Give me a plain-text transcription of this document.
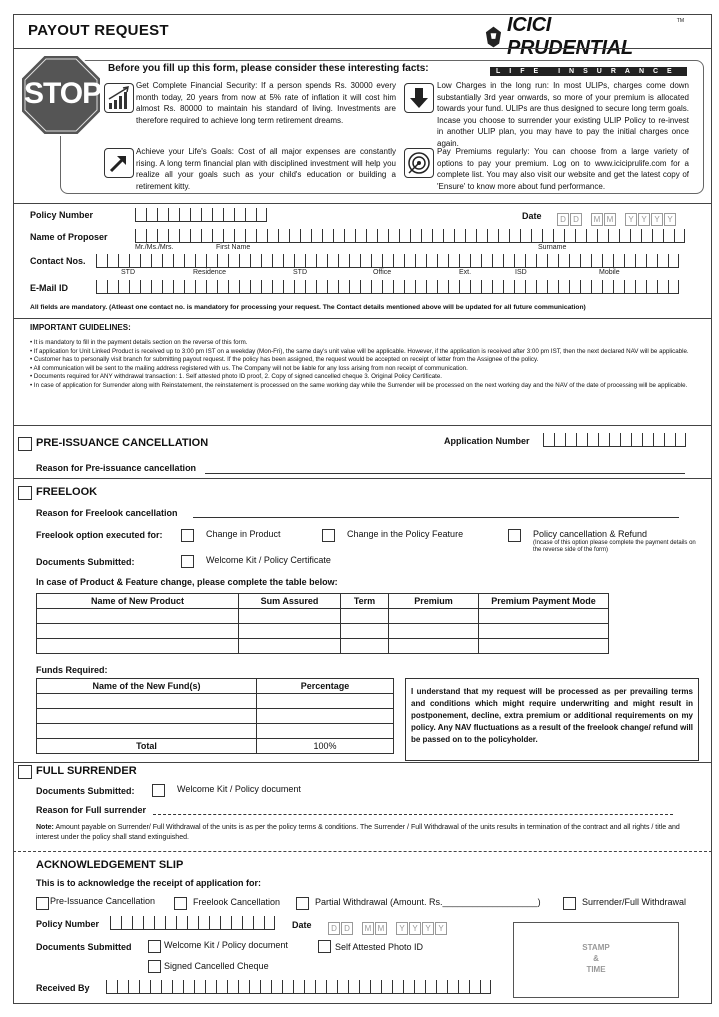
PAYOUT REQUEST	ICICI PRUDENTIAL
TM
LIFE INSURANCE
STOP
Before you fill up this form, please consider these interesting facts:
Get Complete Financial Security: If a person spends Rs. 30000 every month today, 20 years from now at 5% rate of inflation it will cost him almost Rs. 80000 to maintain his standard of living. Investments are therefore required to achieve long term retirement dreams.
Low Charges in the long run: In most ULIPs, charges come down substantially 3rd year onwards, so more of your premium is allocated towards your fund. ULIPs are thus designed to secure long term goals. Incase you choose to surrender your existing ULIP Policy to re-invest in another ULIP plan, you may have to pay the initial charges once again.
Achieve your Life's Goals: Cost of all major expenses are constantly rising. A long term financial plan with disciplined investment will help you realize all your goals such as your child's education or building a retirement kitty.
Pay Premiums regularly: You can choose from a large variety of options to pay your premium. Log on to www.iciciprulife.com for a complete list. You may also visit our website and get the latest copy of 'Ensure' to know more about fund performance.
Policy Number	Date	D D M M Y Y Y Y
Name of Proposer
Mr./Ms./Mrs.	First Name	Surname
Contact Nos.
STD	Residence	STD	Office	Ext.	ISD	Mobile
E-Mail ID
All fields are mandatory. (Atleast one contact no. is mandatory for processing your request. The Contact details mentioned above will be updated for all future communication)
IMPORTANT GUIDELINES:
• It is mandatory to fill in the payment details section on the reverse of this form.
• If application for Unit Linked Product is received up to 3:00 pm IST on a weekday (Mon-Fri), the same day's unit value will be applicable. However, if the application is received after 3:00 pm IST, then the next declared NAV will be applicable.
• Customer has to personally visit branch for submitting payout request. If the policy has been assigned, the request would be accepted on receipt of letter from the Assignee of the policy.
• All communication will be sent to the mailing address registered with us. The Company will not be liable for any loss arising from non receipt of communication.
• Documents required for ANY withdrawal transaction: 1. Self attested photo ID proof, 2. Copy of signed cancelled cheque 3. Original Policy Certificate.
• In case of application for Surrender along with Reinstatement, the reinstatement is processed on the same working day while the Surrender will be processed on the next working day and the NAV of the date of processing will be applicable.
PRE-ISSUANCE CANCELLATION	Application Number
Reason for Pre-issuance cancellation
FREELOOK
Reason for Freelook cancellation
Freelook option executed for:	Change in Product	Change in the Policy Feature	Policy cancellation & Refund
(Incase of this option please complete the payment details on the reverse side of the form)
Documents Submitted:	Welcome Kit / Policy Certificate
In case of Product & Feature change, please complete the table below:
Name of New Product	Sum Assured	Term	Premium	Premium Payment Mode

Funds Required:
Name of the New Fund(s)	Percentage

Total	100%
I understand that my request will be processed as per prevailing terms and conditions which might require underwriting and might result in postponement, decline, extra premium or additional requirements on my policy. Any NAV fluctuations as a result of the freelook change/ refund will be passed on to the policyholder.
FULL SURRENDER
Documents Submitted:	Welcome Kit / Policy document
Reason for Full surrender
Note: Amount payable on Surrender/ Full Withdrawal of the units is as per the policy terms & conditions. The Surrender / Full Withdrawal of the units results in termination of the contract and all rights / title and interest under the policy shall stand extinguished.
ACKNOWLEDGEMENT SLIP
This is to acknowledge the receipt of application for:
Pre-Issuance Cancellation	Freelook Cancellation	Partial Withdrawal (Amount. Rs.___________________)	Surrender/Full Withdrawal
Policy Number	Date	D D M M Y Y Y Y
Documents Submitted	Welcome Kit / Policy document	Self Attested Photo ID
Signed Cancelled Cheque
Received By
STAMP
&
TIME
